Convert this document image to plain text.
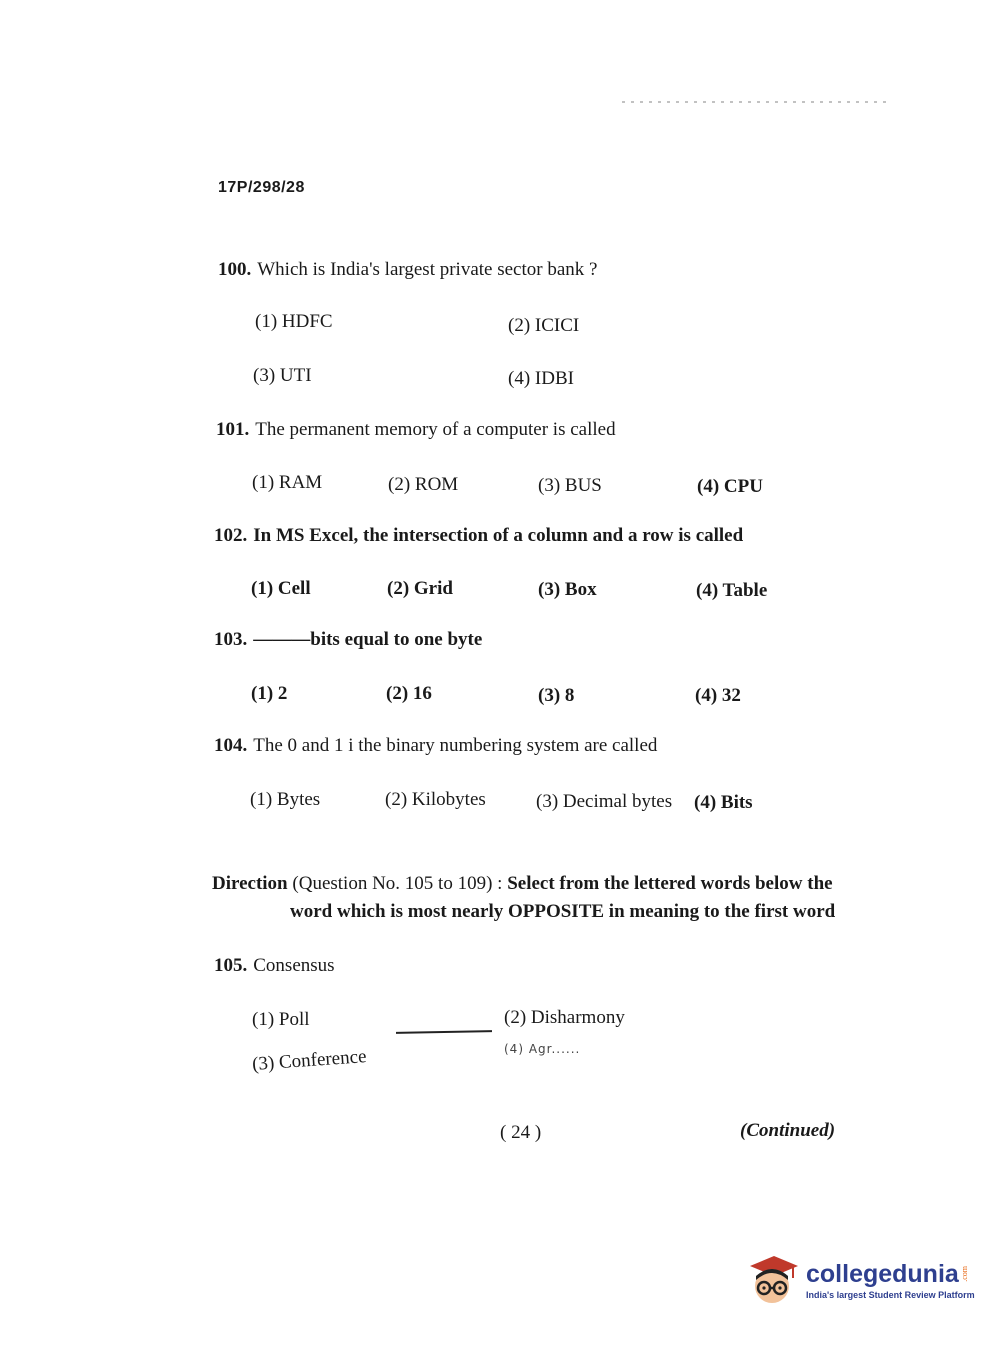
17P/298/28
100. Which is India's largest private sector bank ?
(1) HDFC	(2) ICICI
(3) UTI	(4) IDBI
101. The permanent memory of a computer is called
(1) RAM	(2) ROM	(3) BUS	(4) CPU
102. In MS Excel, the intersection of a column and a row is called
(1) Cell	(2) Grid	(3) Box	(4) Table
103. ———bits equal to one byte
(1) 2	(2) 16	(3) 8	(4) 32
104. The 0 and 1 i the binary numbering system are called
(1) Bytes	(2) Kilobytes	(3) Decimal bytes (4) Bits
Direction (Question No. 105 to 109) : Select from the lettered words below the
word which is most nearly OPPOSITE in meaning to the first word
105. Consensus
(1) Poll	(2) Disharmony
(3) Conference	(4) Agr......
( 24 )	(Continued)
collegedunia .com
India's largest Student Review Platform
